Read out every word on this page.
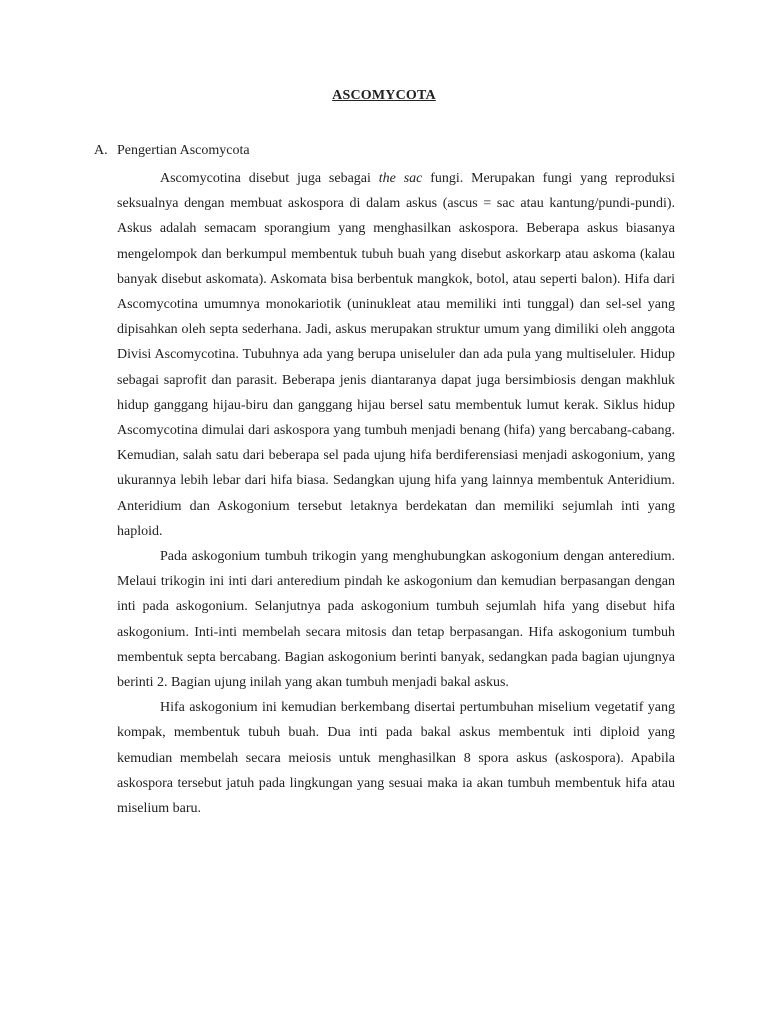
ASCOMYCOTA
A. Pengertian Ascomycota

Ascomycotina disebut juga sebagai the sac fungi. Merupakan fungi yang reproduksi seksualnya dengan membuat askospora di dalam askus (ascus = sac atau kantung/pundi-pundi). Askus adalah semacam sporangium yang menghasilkan askospora. Beberapa askus biasanya mengelompok dan berkumpul membentuk tubuh buah yang disebut askorkarp atau askoma (kalau banyak disebut askomata). Askomata bisa berbentuk mangkok, botol, atau seperti balon). Hifa dari Ascomycotina umumnya monokariotik (uninukleat atau memiliki inti tunggal) dan sel-sel yang dipisahkan oleh septa sederhana. Jadi, askus merupakan struktur umum yang dimiliki oleh anggota Divisi Ascomycotina. Tubuhnya ada yang berupa uniseluler dan ada pula yang multiseluler. Hidup sebagai saprofit dan parasit. Beberapa jenis diantaranya dapat juga bersimbiosis dengan makhluk hidup ganggang hijau-biru dan ganggang hijau bersel satu membentuk lumut kerak. Siklus hidup Ascomycotina dimulai dari askospora yang tumbuh menjadi benang (hifa) yang bercabang-cabang. Kemudian, salah satu dari beberapa sel pada ujung hifa berdiferensiasi menjadi askogonium, yang ukurannya lebih lebar dari hifa biasa. Sedangkan ujung hifa yang lainnya membentuk Anteridium. Anteridium dan Askogonium tersebut letaknya berdekatan dan memiliki sejumlah inti yang haploid.

Pada askogonium tumbuh trikogin yang menghubungkan askogonium dengan anteredium. Melaui trikogin ini inti dari anteredium pindah ke askogonium dan kemudian berpasangan dengan inti pada askogonium. Selanjutnya pada askogonium tumbuh sejumlah hifa yang disebut hifa askogonium. Inti-inti membelah secara mitosis dan tetap berpasangan. Hifa askogonium tumbuh membentuk septa bercabang. Bagian askogonium berinti banyak, sedangkan pada bagian ujungnya berinti 2. Bagian ujung inilah yang akan tumbuh menjadi bakal askus.

Hifa askogonium ini kemudian berkembang disertai pertumbuhan miselium vegetatif yang kompak, membentuk tubuh buah. Dua inti pada bakal askus membentuk inti diploid yang kemudian membelah secara meiosis untuk menghasilkan 8 spora askus (askospora). Apabila askospora tersebut jatuh pada lingkungan yang sesuai maka ia akan tumbuh membentuk hifa atau miselium baru.
